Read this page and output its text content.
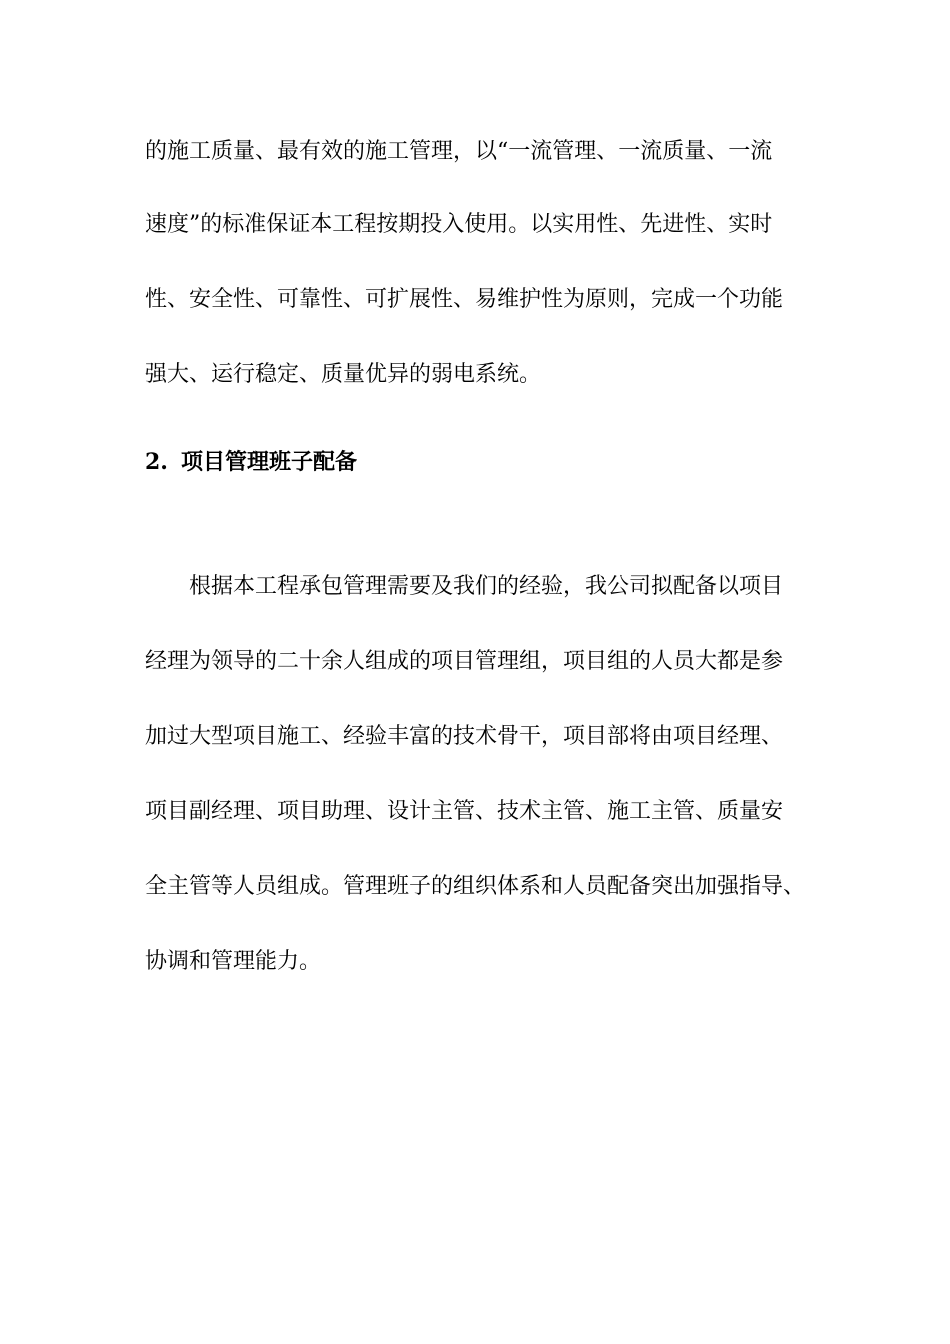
的施工质量、最有效的施工管理，以“一流管理、一流质量、一流

速度”的标准保证本工程按期投入使用。以实用性、先进性、实时

性、安全性、可靠性、可扩展性、易维护性为原则，完成一个功能

强大、运行稳定、质量优异的弱电系统。

2. 项目管理班子配备

根据本工程承包管理需要及我们的经验，我公司拟配备以项目

经理为领导的二十余人组成的项目管理组，项目组的人员大都是参

加过大型项目施工、经验丰富的技术骨干，项目部将由项目经理、

项目副经理、项目助理、设计主管、技术主管、施工主管、质量安

全主管等人员组成。管理班子的组织体系和人员配备突出加强指导、

协调和管理能力。
